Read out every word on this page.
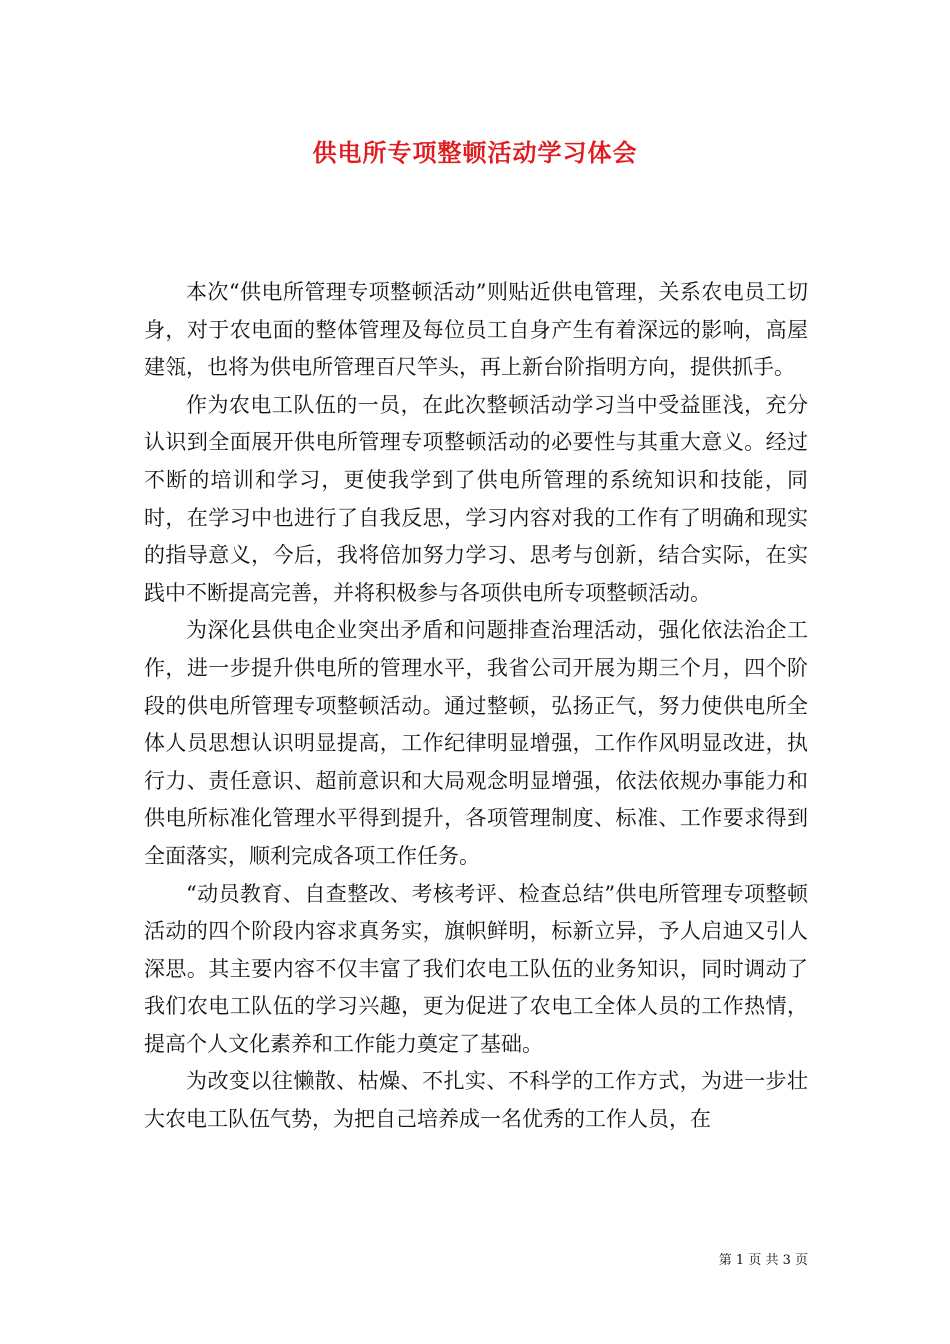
供电所专项整顿活动学习体会

本次“供电所管理专项整顿活动”则贴近供电管理，关系农电员工切身，对于农电面的整体管理及每位员工自身产生有着深远的影响，高屋建瓴，也将为供电所管理百尺竿头，再上新台阶指明方向，提供抓手。

作为农电工队伍的一员，在此次整顿活动学习当中受益匪浅，充分认识到全面展开供电所管理专项整顿活动的必要性与其重大意义。经过不断的培训和学习，更使我学到了供电所管理的系统知识和技能，同时，在学习中也进行了自我反思，学习内容对我的工作有了明确和现实的指导意义，今后，我将倍加努力学习、思考与创新，结合实际，在实践中不断提高完善，并将积极参与各项供电所专项整顿活动。

为深化县供电企业突出矛盾和问题排查治理活动，强化依法治企工作，进一步提升供电所的管理水平，我省公司开展为期三个月，四个阶段的供电所管理专项整顿活动。通过整顿，弘扬正气，努力使供电所全体人员思想认识明显提高，工作纪律明显增强，工作作风明显改进，执行力、责任意识、超前意识和大局观念明显增强，依法依规办事能力和供电所标准化管理水平得到提升，各项管理制度、标准、工作要求得到全面落实，顺利完成各项工作任务。

“动员教育、自查整改、考核考评、检查总结”供电所管理专项整顿活动的四个阶段内容求真务实，旗帜鲜明，标新立异，予人启迪又引人深思。其主要内容不仅丰富了我们农电工队伍的业务知识，同时调动了我们农电工队伍的学习兴趣，更为促进了农电工全体人员的工作热情，提高个人文化素养和工作能力奠定了基础。

为改变以往懒散、枯燥、不扎实、不科学的工作方式，为进一步壮大农电工队伍气势，为把自己培养成一名优秀的工作人员，在

第 1 页 共 3 页
